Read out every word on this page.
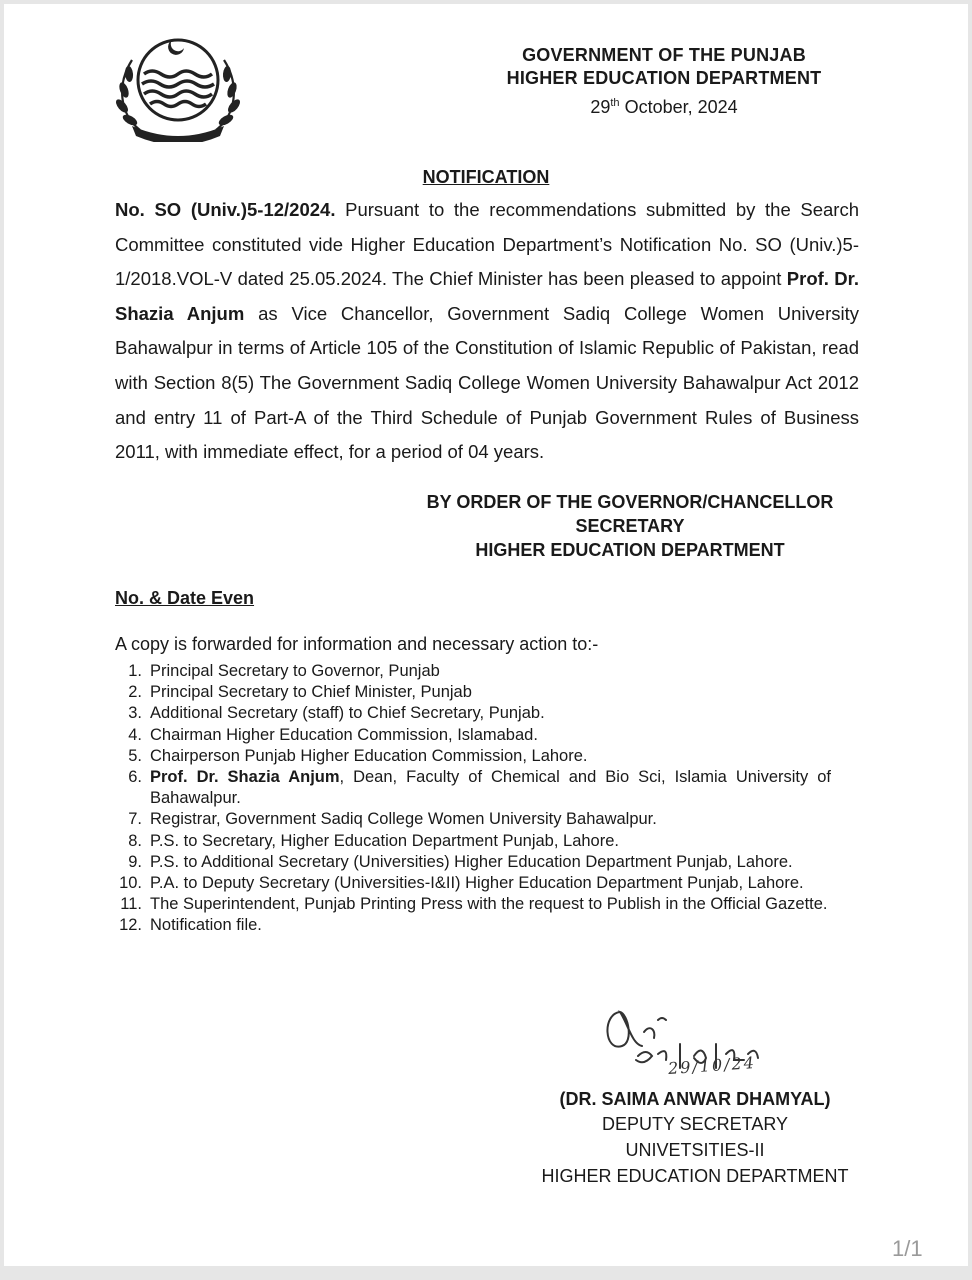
GOVERNMENT OF THE PUNJAB
HIGHER EDUCATION DEPARTMENT
29th October, 2024
NOTIFICATION
No. SO (Univ.)5-12/2024. Pursuant to the recommendations submitted by the Search Committee constituted vide Higher Education Department’s Notification No. SO (Univ.)5-1/2018.VOL-V dated 25.05.2024. The Chief Minister has been pleased to appoint Prof. Dr. Shazia Anjum as Vice Chancellor, Government Sadiq College Women University Bahawalpur in terms of Article 105 of the Constitution of Islamic Republic of Pakistan, read with Section 8(5) The Government Sadiq College Women University Bahawalpur Act 2012 and entry 11 of Part-A of the Third Schedule of Punjab Government Rules of Business 2011, with immediate effect, for a period of 04 years.
BY ORDER OF THE GOVERNOR/CHANCELLOR
SECRETARY
HIGHER EDUCATION DEPARTMENT
No. & Date Even
A copy is forwarded for information and necessary action to:-
1. Principal Secretary to Governor, Punjab
2. Principal Secretary to Chief Minister, Punjab
3. Additional Secretary (staff) to Chief Secretary, Punjab.
4. Chairman Higher Education Commission, Islamabad.
5. Chairperson Punjab Higher Education Commission, Lahore.
6. Prof. Dr. Shazia Anjum, Dean, Faculty of Chemical and Bio Sci, Islamia University of Bahawalpur.
7. Registrar, Government Sadiq College Women University Bahawalpur.
8. P.S. to Secretary, Higher Education Department Punjab, Lahore.
9. P.S. to Additional Secretary (Universities) Higher Education Department Punjab, Lahore.
10. P.A. to Deputy Secretary (Universities-I&II) Higher Education Department Punjab, Lahore.
11. The Superintendent, Punjab Printing Press with the request to Publish in the Official Gazette.
12. Notification file.
29/10/24
(DR. SAIMA ANWAR DHAMYAL)
DEPUTY SECRETARY
UNIVETSITIES-II
HIGHER EDUCATION DEPARTMENT
1/1
